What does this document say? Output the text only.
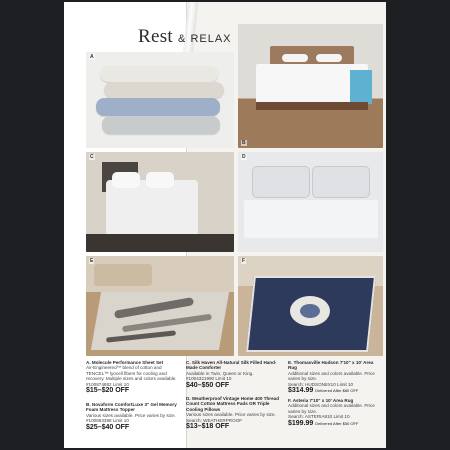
Rest & RELAX
A
B
C	D
E	F
A. Molecule Performance Sheet Set
Air-Engineered™ blend of cotton and TENCEL™ lyocell fibers for cooling and recovery. Multiple sizes and colors available.
#100874882 Limit 10
$15–$20 OFF
B. Novaform ComfortLuxe 3" Gel Memory Foam Mattress Topper
Various sizes available. Price varies by size.
#100863398 Limit 10
$25–$40 OFF
C. Silk Haven All-Natural Silk Filled Hand-Made Comforter
Available in Twin, Queen or King.
#1004321990 Limit 10
$40–$50 OFF
D. Weatherproof Vintage Home 400 Thread Count Cotton Mattress Pads OR Triple Cooling Pillows
Various sizes available. Price varies by size.
Search: WEATHERPROOF
$13–$18 OFF
E. Thomasville Hudson 7'10" x 10' Area Rug
Additional sizes and colors available. Price varies by size.
Search: HUDSON8X10 Limit 10
$314.99 Delivered After $80 OFF
F. Asteria 7'10" x 10' Area Rug
Additional sizes and colors available. Price varies by size.
Search: ASTERIA810 Limit 10
$199.99 Delivered After $50 OFF
